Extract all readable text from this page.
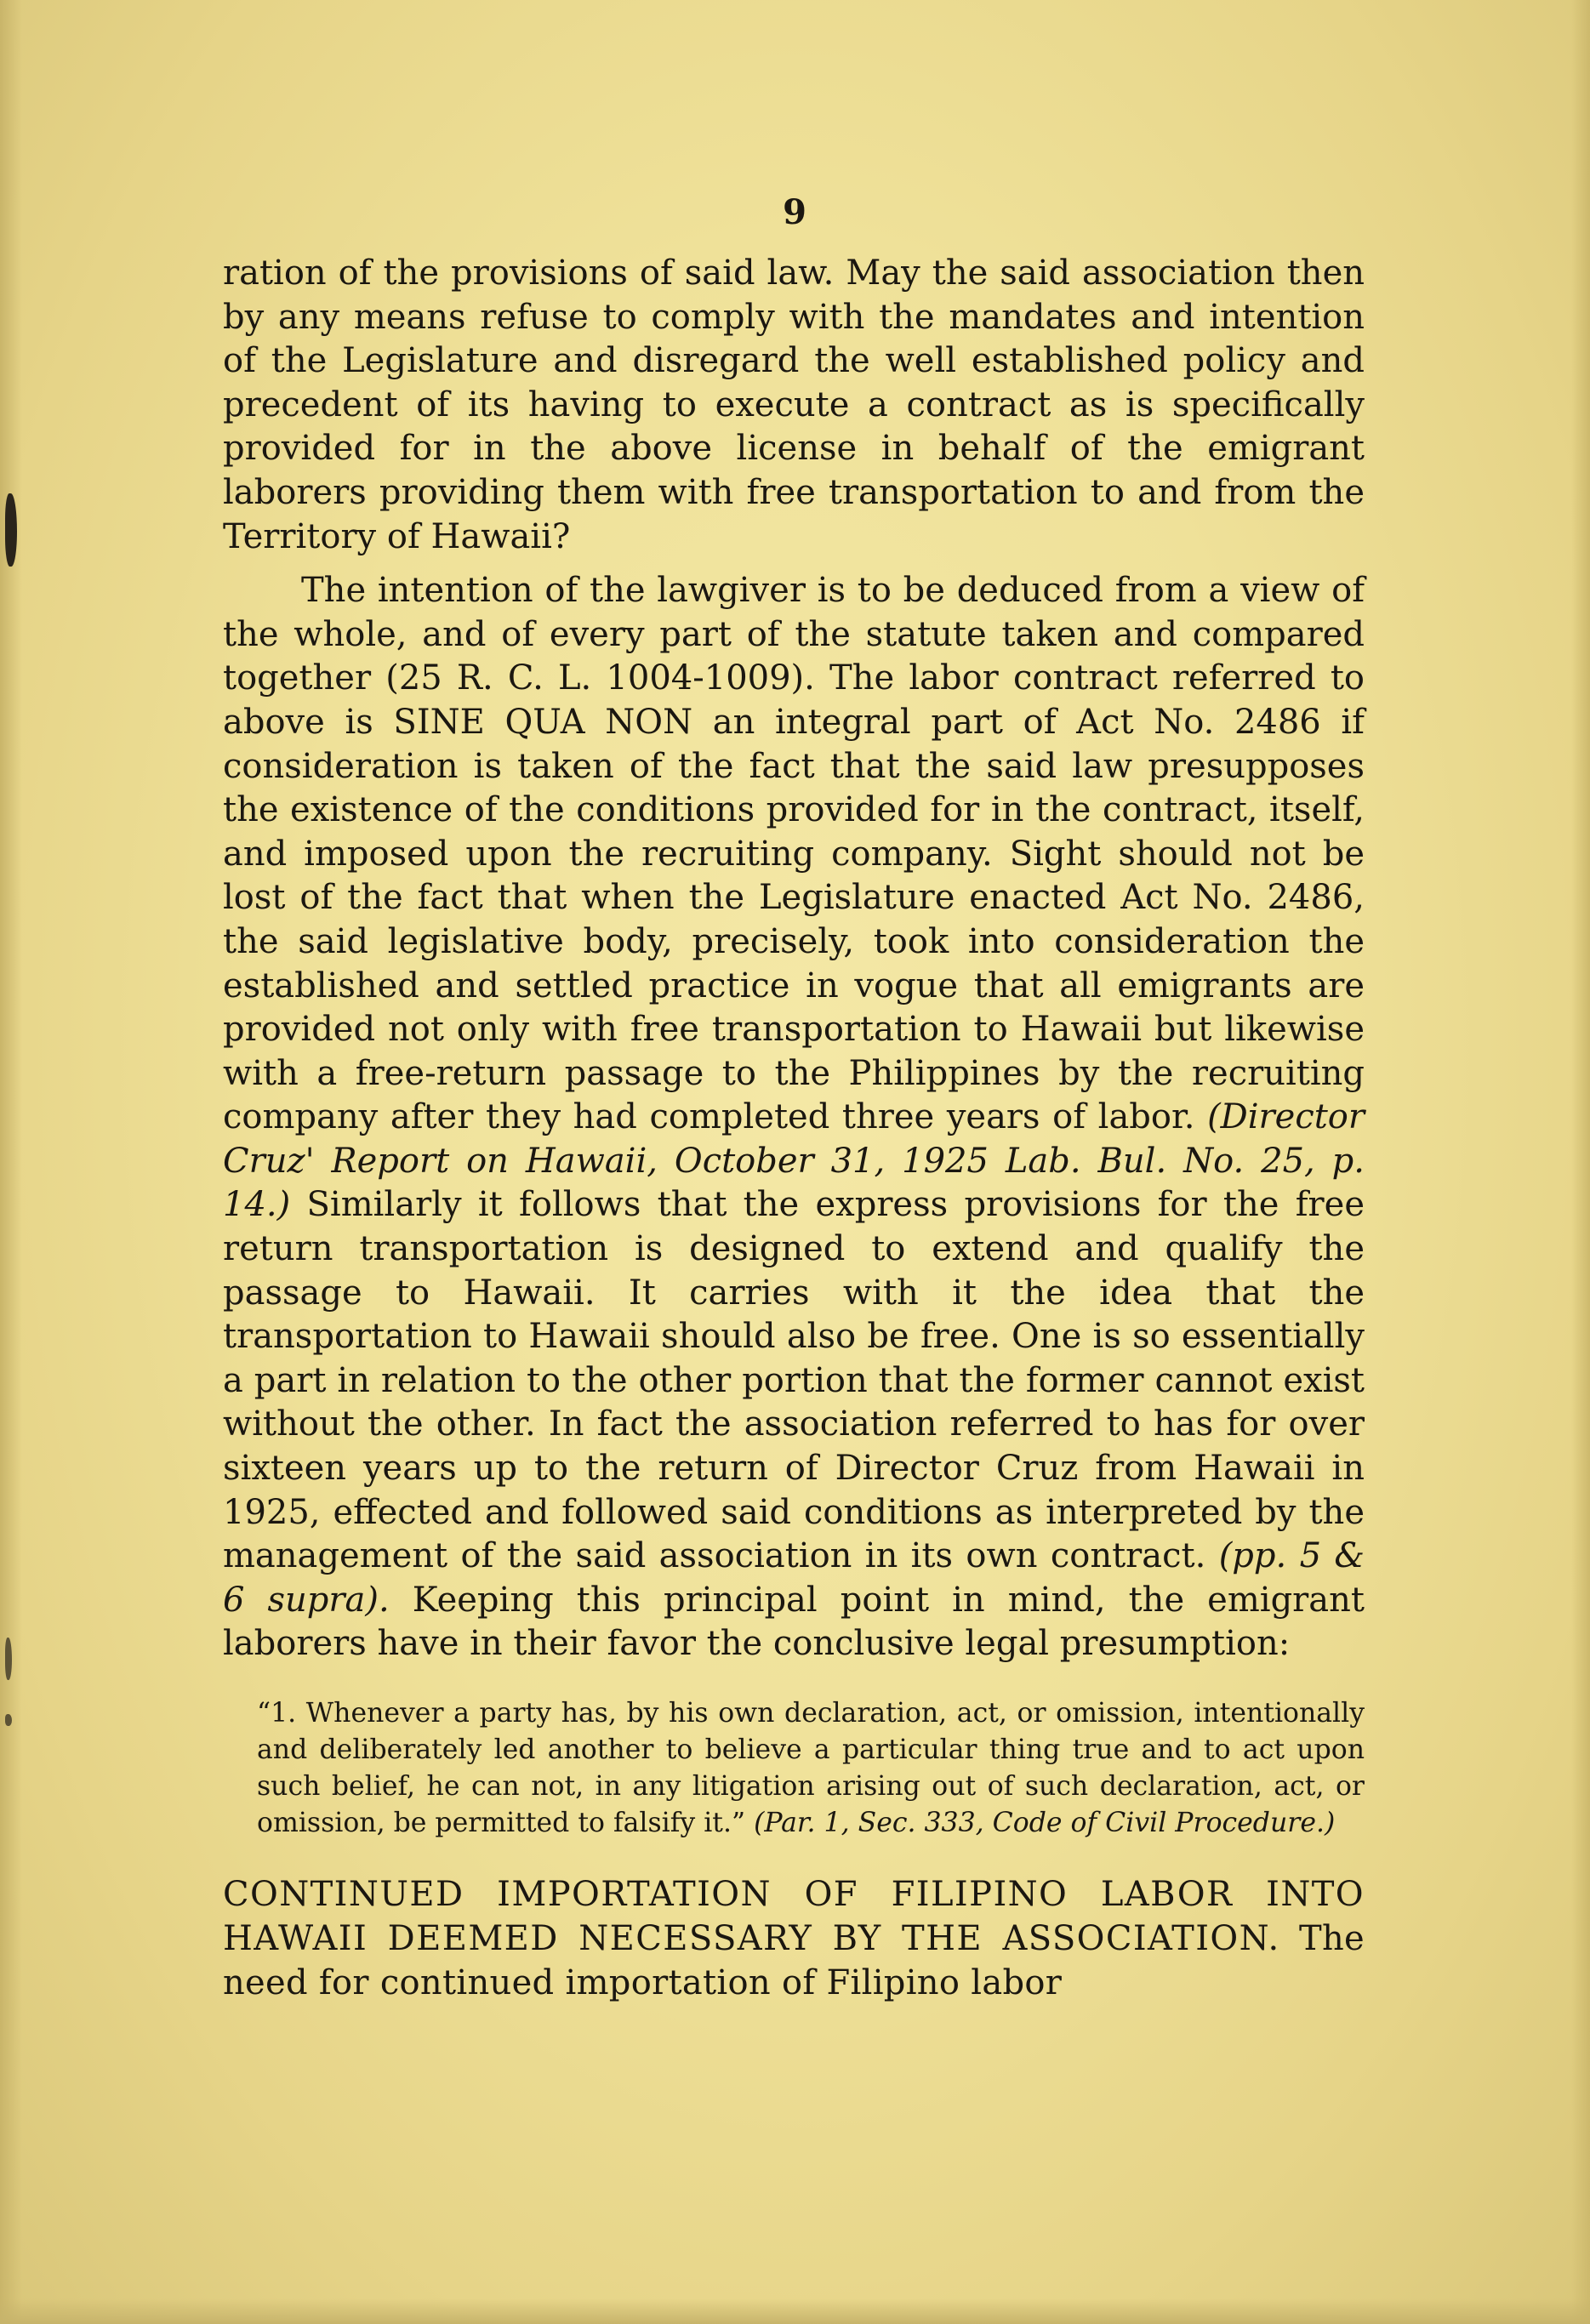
9

ration of the provisions of said law. May the said association then by any means refuse to comply with the mandates and intention of the Legislature and disregard the well established policy and precedent of its having to execute a contract as is specifically provided for in the above license in behalf of the emigrant laborers providing them with free transportation to and from the Territory of Hawaii?

The intention of the lawgiver is to be deduced from a view of the whole, and of every part of the statute taken and compared together (25 R. C. L. 1004-1009). The labor contract referred to above is SINE QUA NON an integral part of Act No. 2486 if consideration is taken of the fact that the said law presupposes the existence of the conditions provided for in the contract, itself, and imposed upon the recruiting company. Sight should not be lost of the fact that when the Legislature enacted Act No. 2486, the said legislative body, precisely, took into consideration the established and settled practice in vogue that all emigrants are provided not only with free transportation to Hawaii but likewise with a free-return passage to the Philippines by the recruiting company after they had completed three years of labor. (Director Cruz' Report on Hawaii, October 31, 1925 Lab. Bul. No. 25, p. 14.) Similarly it follows that the express provisions for the free return transportation is designed to extend and qualify the passage to Hawaii. It carries with it the idea that the transportation to Hawaii should also be free. One is so essentially a part in relation to the other portion that the former cannot exist without the other. In fact the association referred to has for over sixteen years up to the return of Director Cruz from Hawaii in 1925, effected and followed said conditions as interpreted by the management of the said association in its own contract. (pp. 5 & 6 supra). Keeping this principal point in mind, the emigrant laborers have in their favor the conclusive legal presumption:

“1. Whenever a party has, by his own declaration, act, or omission, intentionally and deliberately led another to believe a particular thing true and to act upon such belief, he can not, in any litigation arising out of such declaration, act, or omission, be permitted to falsify it.” (Par. 1, Sec. 333, Code of Civil Procedure.)

CONTINUED IMPORTATION OF FILIPINO LABOR INTO HAWAII DEEMED NECESSARY BY THE ASSOCIATION. The need for continued importation of Filipino labor
